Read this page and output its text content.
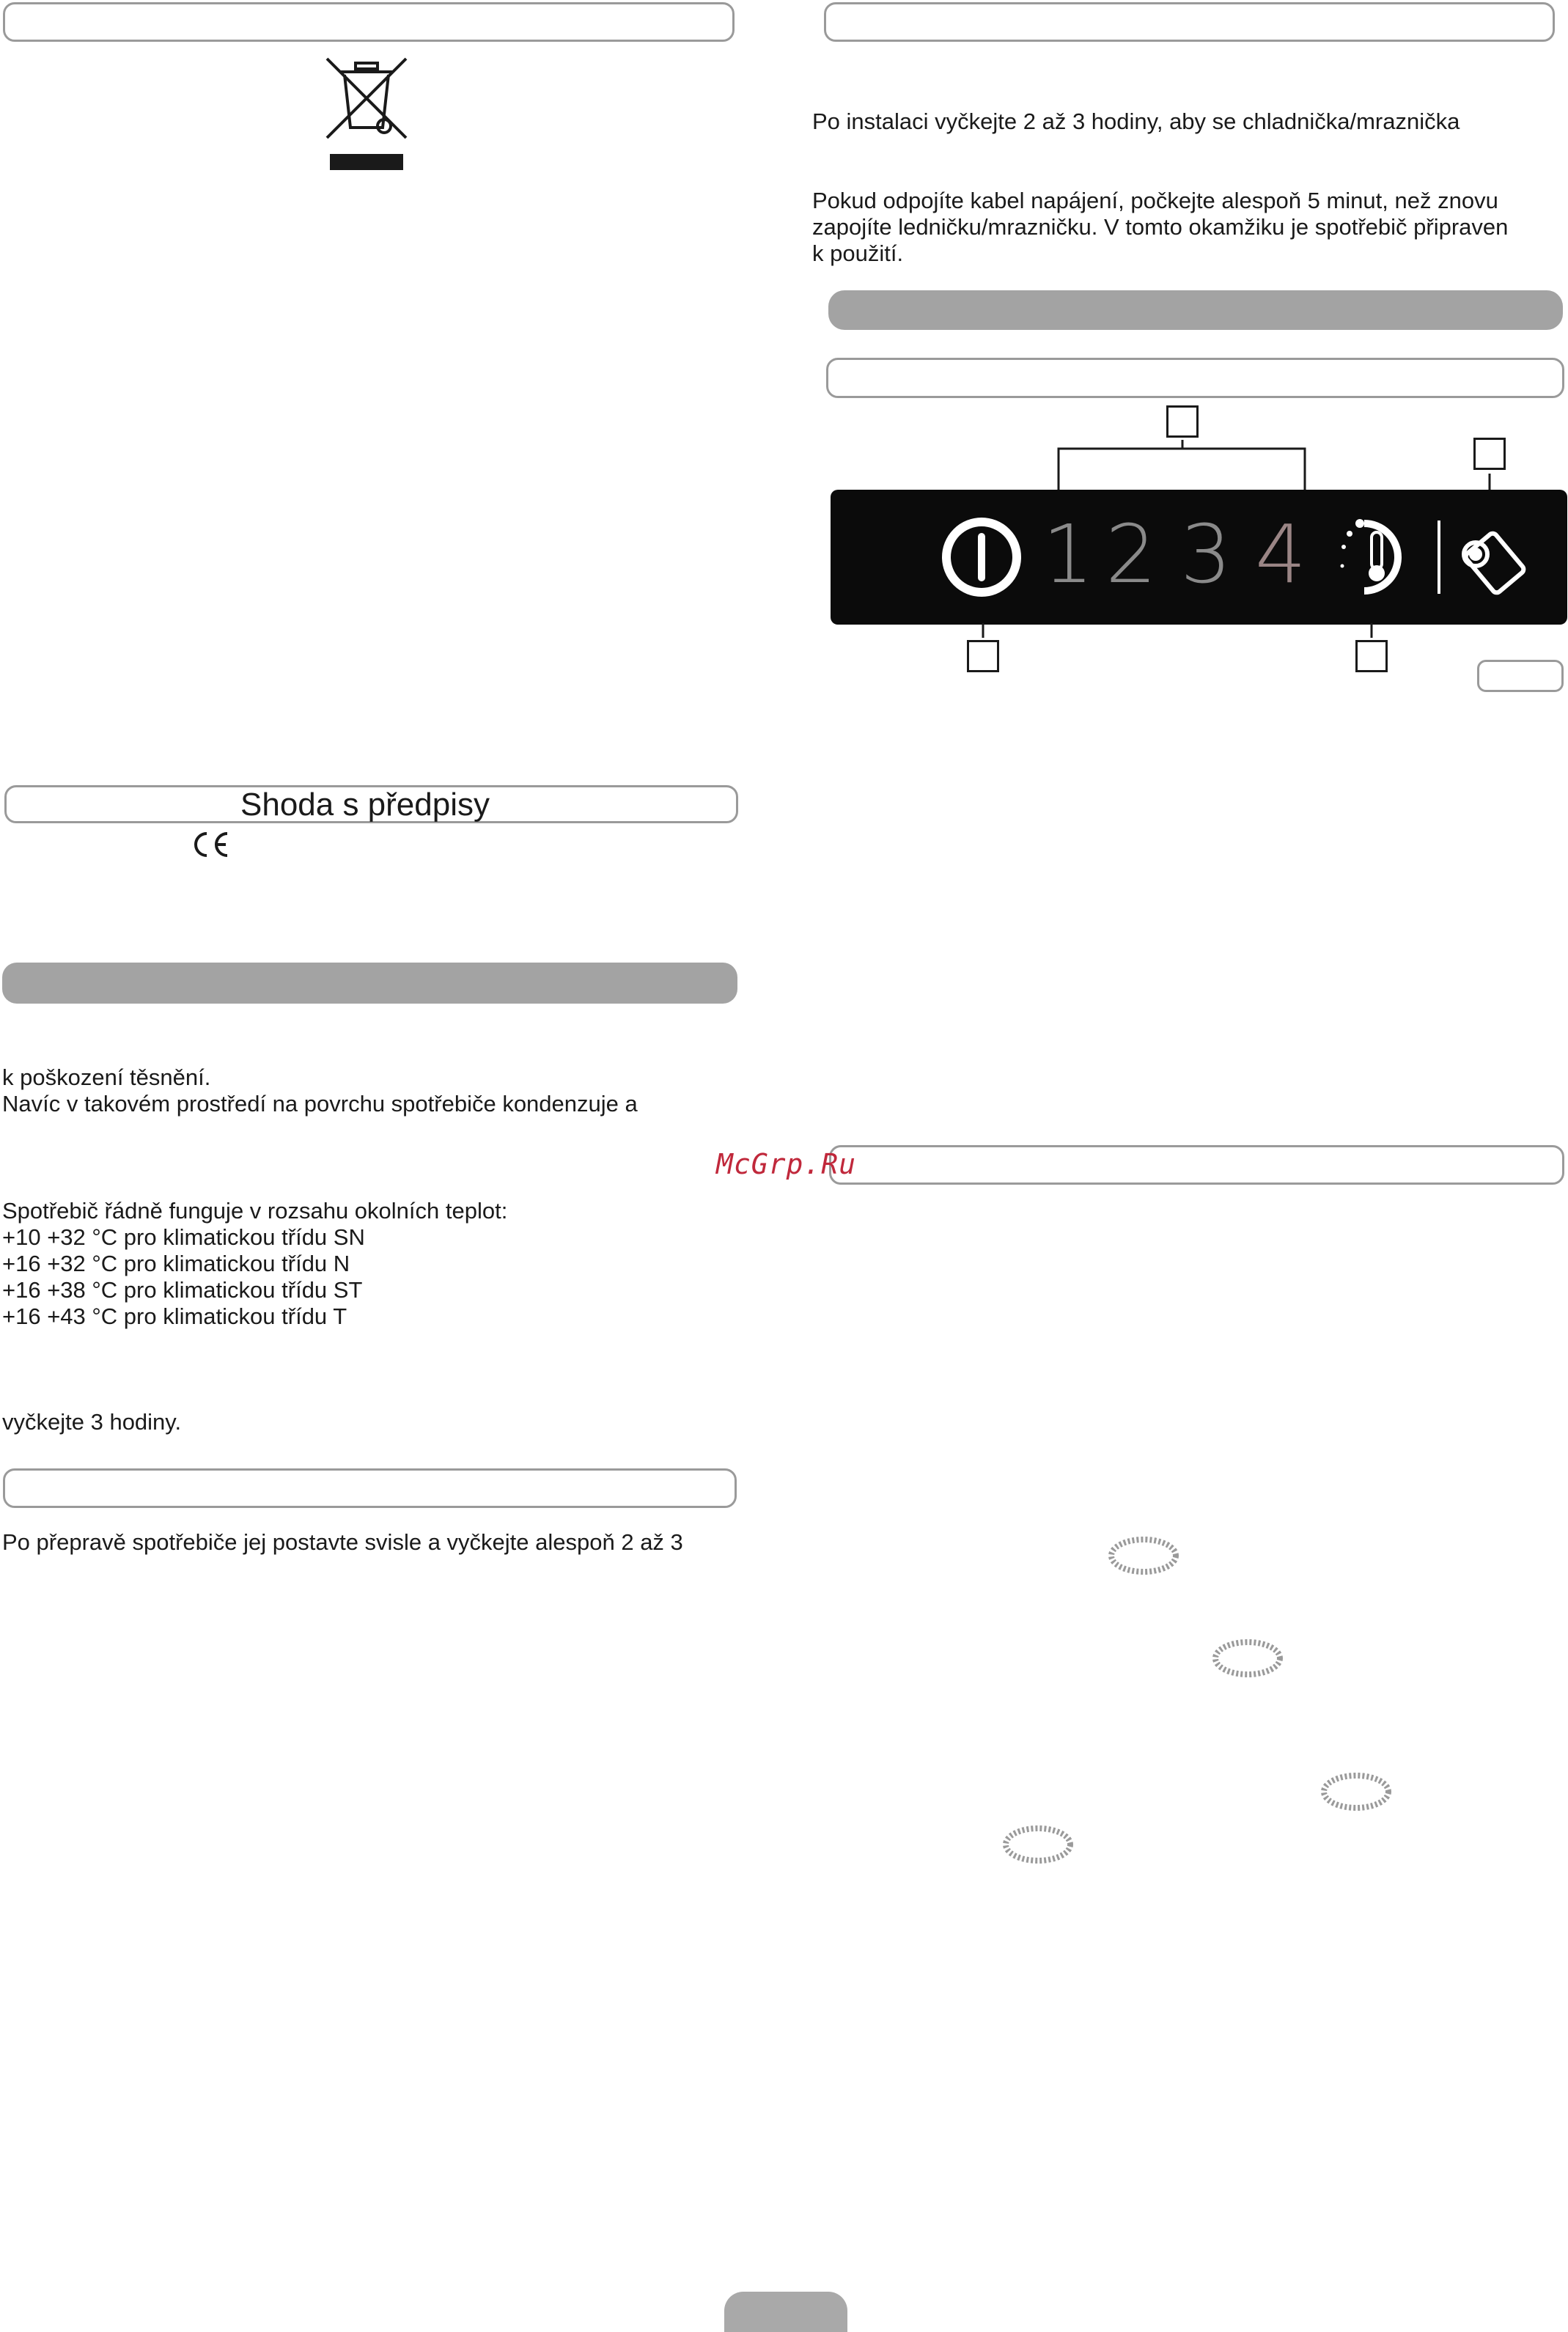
Shoda s předpisy
k poškození těsnění.
Navíc v takovém prostředí na povrchu spotřebiče kondenzuje a
Spotřebič řádně funguje v rozsahu okolních teplot:
+10 +32 °C pro klimatickou třídu SN
+16 +32 °C pro klimatickou třídu N
+16 +38 °C pro klimatickou třídu ST
+16 +43 °C pro klimatickou třídu T
vyčkejte 3 hodiny.
Po přepravě spotřebiče jej postavte svisle a vyčkejte alespoň 2 až 3
Po instalaci vyčkejte 2 až 3 hodiny, aby se chladnička/mraznička
Pokud odpojíte kabel napájení, počkejte alespoň 5 minut, než znovu
zapojíte ledničku/mrazničku. V tomto okamžiku je spotřebič připraven
k použití.
1 2 3 4
McGrp.Ru
